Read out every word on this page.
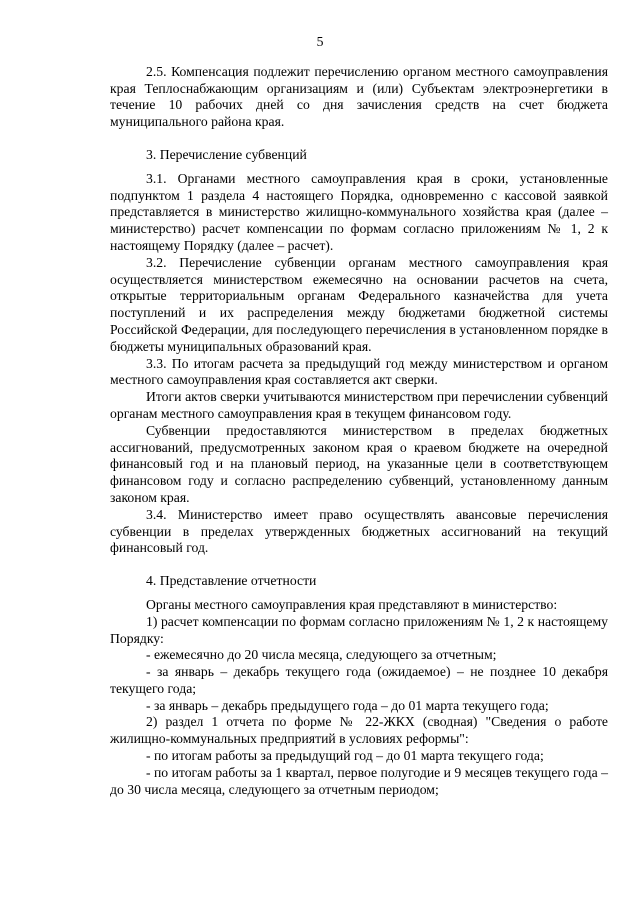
5

2.5. Компенсация подлежит перечислению органом местного самоуправления края Теплоснабжающим организациям и (или) Субъектам электроэнергетики в течение 10 рабочих дней со дня зачисления средств на счет бюджета муниципального района края.

3. Перечисление субвенций

3.1. Органами местного самоуправления края в сроки, установленные подпунктом 1 раздела 4 настоящего Порядка, одновременно с кассовой заявкой представляется в министерство жилищно-коммунального хозяйства края (далее – министерство) расчет компенсации по формам согласно приложениям № 1, 2 к настоящему Порядку (далее – расчет).

3.2. Перечисление субвенции органам местного самоуправления края осуществляется министерством ежемесячно на основании расчетов на счета, открытые территориальным органам Федерального казначейства для учета поступлений и их распределения между бюджетами бюджетной системы Российской Федерации, для последующего перечисления в установленном порядке в бюджеты муниципальных образований края.

3.3. По итогам расчета за предыдущий год между министерством и органом местного самоуправления края составляется акт сверки.

Итоги актов сверки учитываются министерством при перечислении субвенций органам местного самоуправления края в текущем финансовом году.

Субвенции предоставляются министерством в пределах бюджетных ассигнований, предусмотренных законом края о краевом бюджете на очередной финансовый год и на плановый период, на указанные цели в соответствующем финансовом году и согласно распределению субвенций, установленному данным законом края.

3.4. Министерство имеет право осуществлять авансовые перечисления субвенции в пределах утвержденных бюджетных ассигнований на текущий финансовый год.

4. Представление отчетности

Органы местного самоуправления края представляют в министерство:

1) расчет компенсации по формам согласно приложениям № 1, 2 к настоящему Порядку:

- ежемесячно до 20 числа месяца, следующего за отчетным;

- за январь – декабрь текущего года (ожидаемое) – не позднее 10 декабря текущего года;

- за январь – декабрь предыдущего года – до 01 марта текущего года;

2) раздел 1 отчета по форме № 22-ЖКХ (сводная) "Сведения о работе жилищно-коммунальных предприятий в условиях реформы":

- по итогам работы за предыдущий год – до 01 марта текущего года;

- по итогам работы за 1 квартал, первое полугодие и 9 месяцев текущего года – до 30 числа месяца, следующего за отчетным периодом;
